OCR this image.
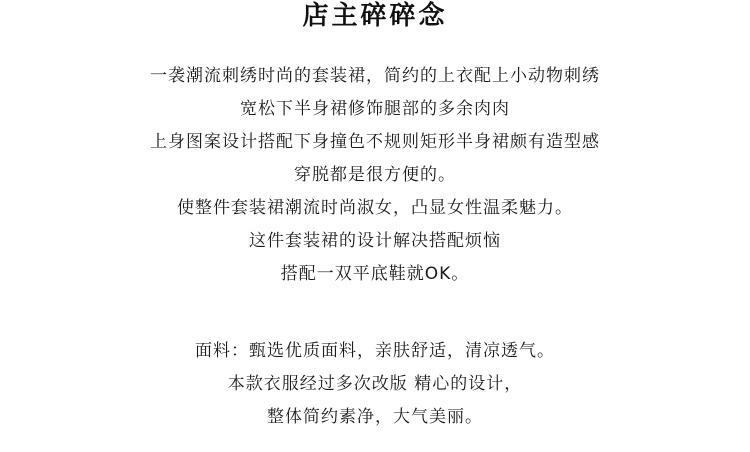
店主碎碎念
一袭潮流刺绣时尚的套装裙，简约的上衣配上小动物刺绣
宽松下半身裙修饰腿部的多余肉肉
上身图案设计搭配下身撞色不规则矩形半身裙颇有造型感
穿脱都是很方便的。
使整件套装裙潮流时尚淑女，凸显女性温柔魅力。
这件套装裙的设计解决搭配烦恼
搭配一双平底鞋就OK。
面料：甄选优质面料，亲肤舒适，清凉透气。
本款衣服经过多次改版 精心的设计，
整体简约素净，大气美丽。
